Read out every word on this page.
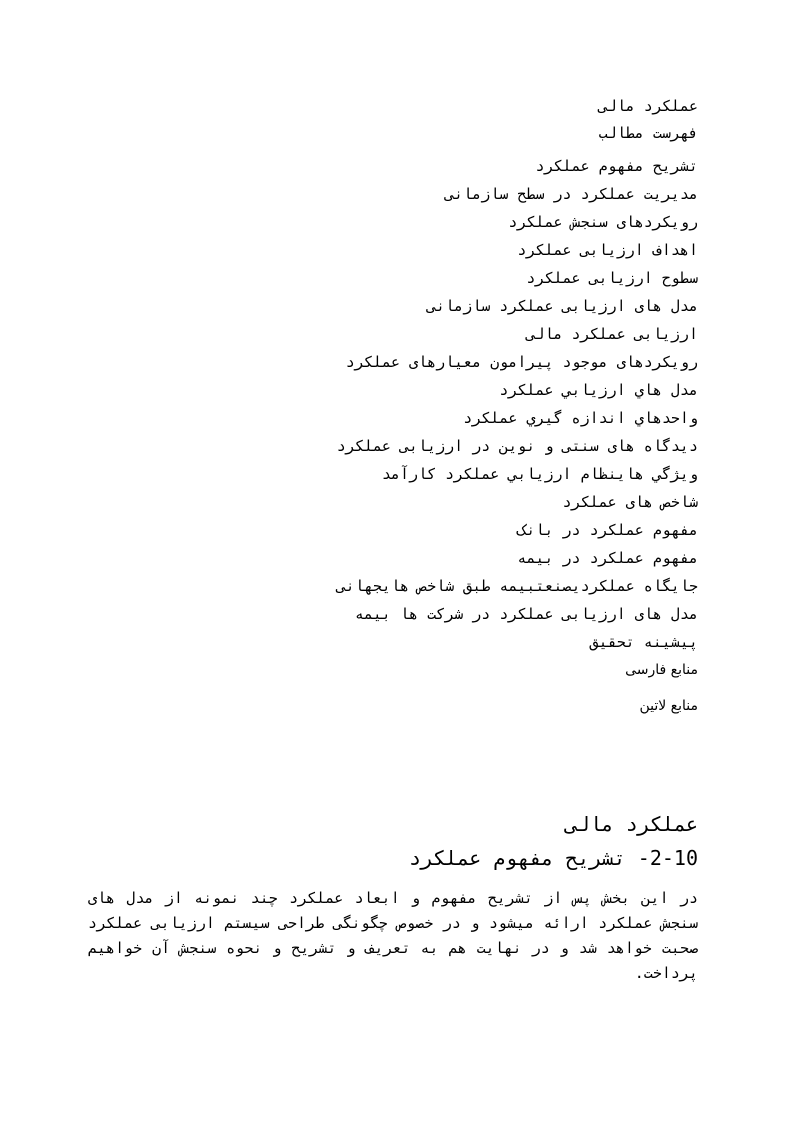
عملکرد مالی
فهرست مطالب
تشریح مفهوم عملکرد
مدیریت عملکرد در سطح سازمانی
رویکردهای سنجش عملکرد
اهداف ارزیابی عملکرد
سطوح ارزیابی عملکرد
مدل های ارزیابی عملکرد سازمانی
ارزیابی عملکرد مالی
رویکردهای موجود پیرامون معیارهای عملکرد
مدل هاي ارزيابي عملكرد
واحدهاي اندازه گيري عملكرد
دیدگاه های سنتی و نوین در ارزیابی عملکرد
ويژگي هاينظام ارزيابي عملكرد كارآمد
شاخص های عملکرد
مفهوم عملکرد در بانک
مفهوم عملکرد در بیمه
جایگاه عملکردیصنعتبیمه طبق شاخص هایجهانی
مدل های ارزیابی عملکرد در شرکت ها بیمه
پیشینه تحقیق
منابع فارسی
منابع لاتین
عملکرد مالی
2-10- تشریح مفهوم عملکرد
در این بخش پس از تشریح مفهوم و ابعاد عملکرد چند نمونه از مدل های سنجش عملکرد ارائه میشود و در خصوص چگونگی طراحی سیستم ارزیابی عملکرد صحبت خواهد شد و در نهایت هم به تعریف و تشریح و نحوه سنجش آن خواهیم پرداخت.
